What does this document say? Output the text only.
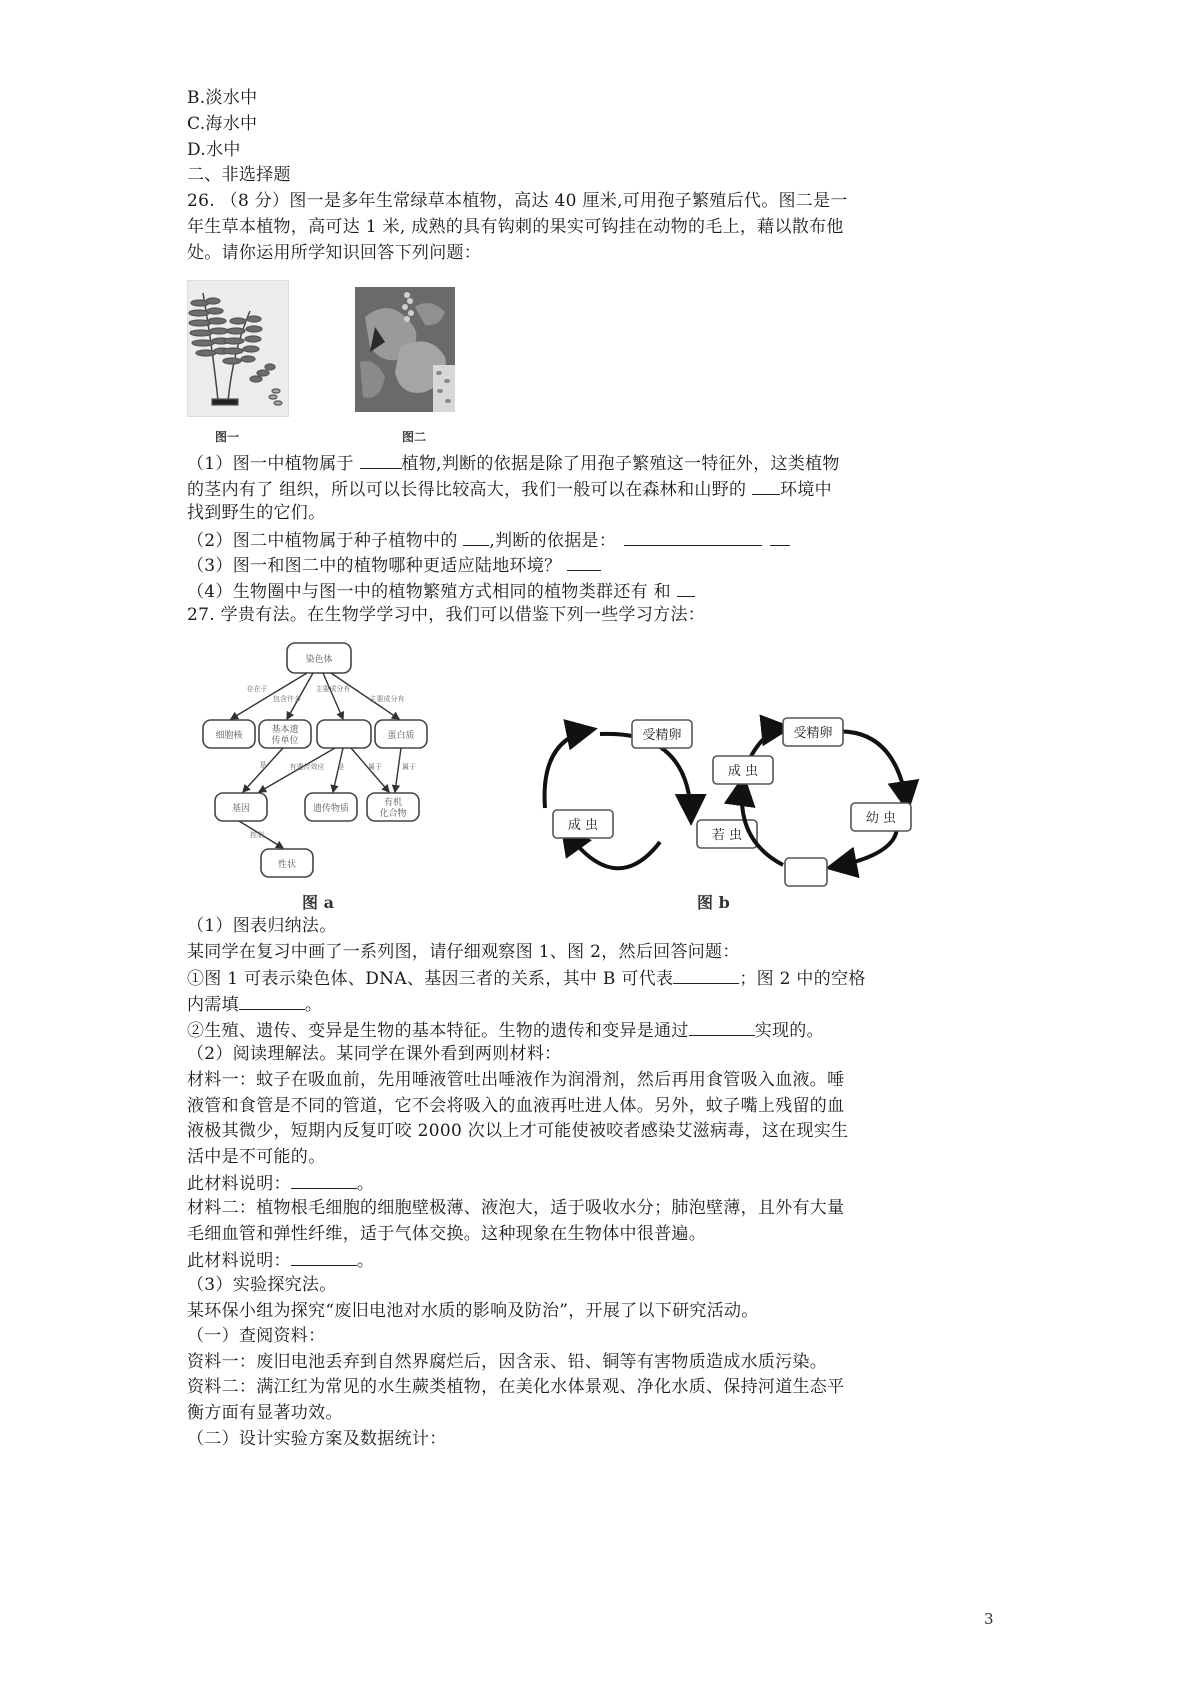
B.淡水中
C.海水中
D.水中
二、非选择题
26. （8 分）图一是多年生常绿草本植物，高达 40 厘米,可用孢子繁殖后代。图二是一
年生草本植物，高可达 1 米, 成熟的具有钩刺的果实可钩挂在动物的毛上，藉以散布他
处。请你运用所学知识回答下列问题：
图一	图二
（1）图一中植物属于 植物,判断的依据是除了用孢子繁殖这一特征外，这类植物
的茎内有了 组织，所以可以长得比较高大，我们一般可以在森林和山野的 环境中
找到野生的它们。
（2）图二中植物属于种子植物中的 ,判断的依据是：
（3）图一和图二中的植物哪种更适应陆地环境？
（4）生物圈中与图一中的植物繁殖方式相同的植物类群还有 和
27. 学贵有法。在生物学学习中，我们可以借鉴下列一些学习方法：
染色体
细胞核
基本遗
传单位	蛋白质
基因	遗传物质
有机
化合物
性状
存在于
包含许多
主要成分有
主要成分有
是	有遗传效应 是	属于	属于
控制
图 a
受精卵
若 虫
成 虫
受精卵
幼 虫
成 虫
图 b
（1）图表归纳法。
某同学在复习中画了一系列图，请仔细观察图 1、图 2，然后回答问题：
①图 1 可表示染色体、DNA、基因三者的关系，其中 B 可代表	；图 2 中的空格
内需填	。
②生殖、遗传、变异是生物的基本特征。生物的遗传和变异是通过	实现的。
（2）阅读理解法。某同学在课外看到两则材料：
材料一：蚊子在吸血前，先用唾液管吐出唾液作为润滑剂，然后再用食管吸入血液。唾
液管和食管是不同的管道，它不会将吸入的血液再吐进人体。另外，蚊子嘴上残留的血
液极其微少，短期内反复叮咬 2000 次以上才可能使被咬者感染艾滋病毒，这在现实生
活中是不可能的。
此材料说明：	。
材料二：植物根毛细胞的细胞壁极薄、液泡大，适于吸收水分；肺泡壁薄，且外有大量
毛细血管和弹性纤维，适于气体交换。这种现象在生物体中很普遍。
此材料说明：	。
（3）实验探究法。
某环保小组为探究“废旧电池对水质的影响及防治”，开展了以下研究活动。
（一）查阅资料：
资料一：废旧电池丢弃到自然界腐烂后，因含汞、铅、铜等有害物质造成水质污染。
资料二：满江红为常见的水生蕨类植物，在美化水体景观、净化水质、保持河道生态平
衡方面有显著功效。
（二）设计实验方案及数据统计：
3
